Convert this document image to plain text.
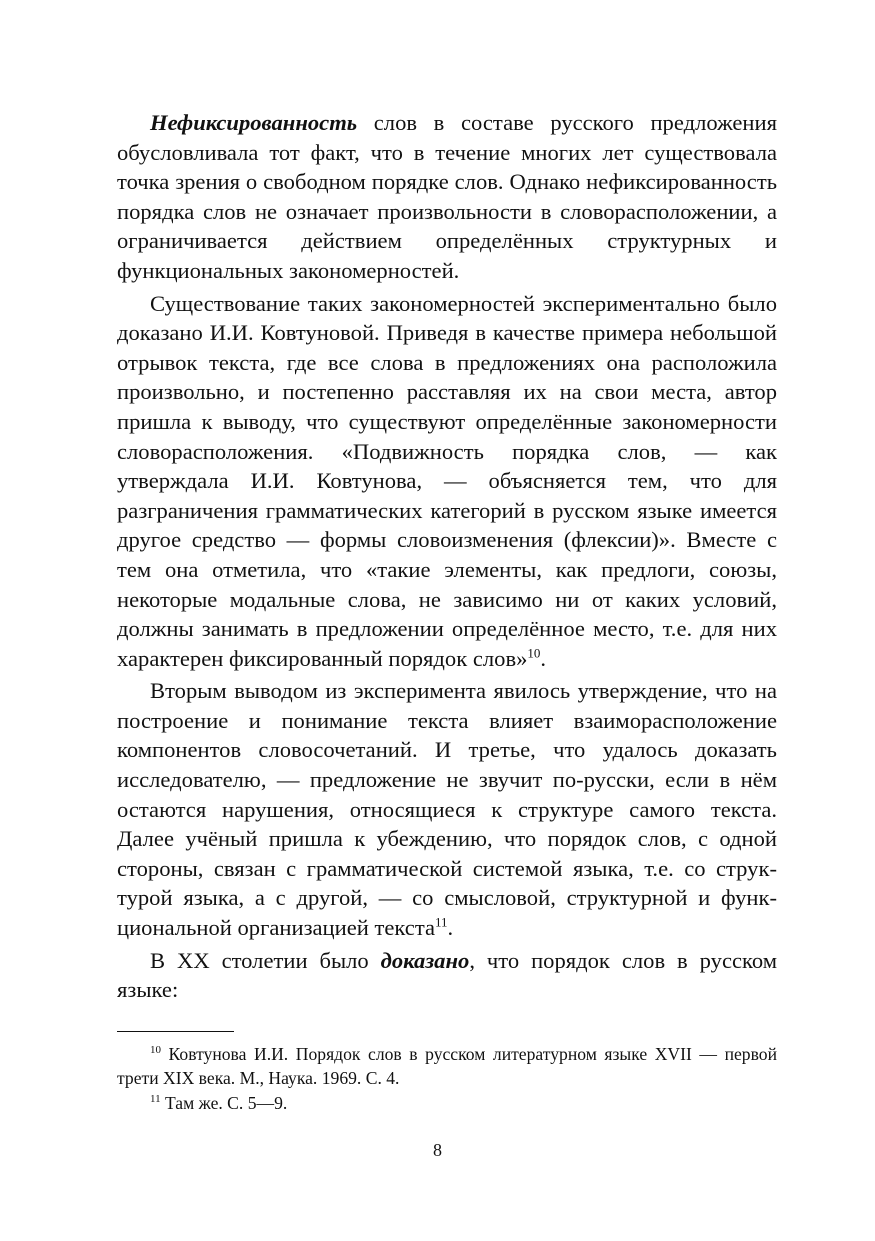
Нефиксированность слов в составе русского предложения обусловливала тот факт, что в течение многих лет существовала точка зрения о свободном порядке слов. Однако нефиксированность порядка слов не означает произвольности в словорасположении, а ограничивается действием определённых структурных и функциональных закономерностей.

Существование таких закономерностей экспериментально было доказано И.И. Ковтуновой. Приведя в качестве примера небольшой отрывок текста, где все слова в предложениях она расположила произвольно, и постепенно расставляя их на свои места, автор пришла к выводу, что существуют определённые закономерности словорасположения. «Подвижность порядка слов, — как утверждала И.И. Ковтунова, — объясняется тем, что для разграничения грамматических категорий в русском языке имеется другое средство — формы словоизменения (флексии)». Вместе с тем она отметила, что «такие элементы, как предлоги, союзы, некоторые модальные слова, не зависимо ни от каких условий, должны занимать в предложении определённое место, т.е. для них характерен фиксированный порядок слов»$^{10}$.

Вторым выводом из эксперимента явилось утверждение, что на построение и понимание текста влияет взаиморасположение компонентов словосочетаний. И третье, что удалось доказать исследователю, — предложение не звучит по-русски, если в нём остаются нарушения, относящиеся к структуре самого текста. Далее учёный пришла к убеждению, что порядок слов, с одной стороны, связан с грамматической системой языка, т.е. со структурой языка, а с другой, — со смысловой, структурной и функциональной организацией текста$^{11}$.

В XX столетии было доказано, что порядок слов в русском языке:

$^{10}$ Ковтунова И.И. Порядок слов в русском литературном языке XVII — первой трети XIX века. М., Наука. 1969. С. 4.

$^{11}$ Там же. С. 5—9.

8
